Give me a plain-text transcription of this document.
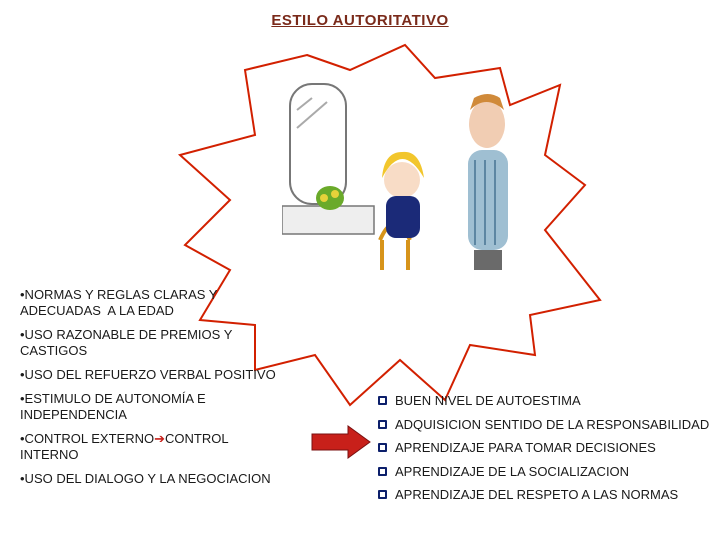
ESTILO AUTORITATIVO
•NORMAS Y REGLAS CLARAS Y
ADECUADAS  A LA EDAD
•USO RAZONABLE DE PREMIOS Y
CASTIGOS
•USO DEL REFUERZO VERBAL POSITIVO
•ESTIMULO DE AUTONOMÍA E
INDEPENDENCIA
•CONTROL EXTERNO➔CONTROL
INTERNO
•USO DEL DIALOGO Y LA NEGOCIACION
BUEN NIVEL DE AUTOESTIMA
ADQUISICION SENTIDO DE LA RESPONSABILIDAD
APRENDIZAJE PARA TOMAR DECISIONES
APRENDIZAJE DE LA SOCIALIZACION
APRENDIZAJE DEL RESPETO A LAS NORMAS
